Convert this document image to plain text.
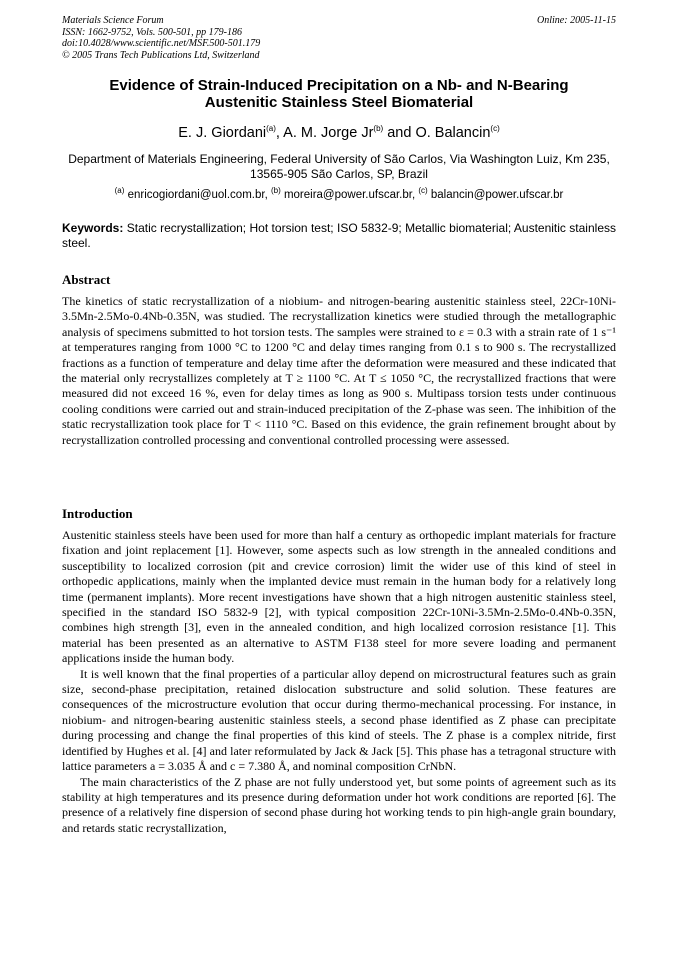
Materials Science Forum	Online: 2005-11-15
ISSN: 1662-9752, Vols. 500-501, pp 179-186
doi:10.4028/www.scientific.net/MSF.500-501.179
© 2005 Trans Tech Publications Ltd, Switzerland
Evidence of Strain-Induced Precipitation on a Nb- and N-Bearing
Austenitic Stainless Steel Biomaterial
E. J. Giordani$^{(a)}$, A. M. Jorge Jr$^{(b)}$ and O. Balancin$^{(c)}$
Department of Materials Engineering, Federal University of São Carlos, Via Washington Luiz, Km 235, 13565-905 São Carlos, SP, Brazil
$^{(a)}$ enricogiordani@uol.com.br, $^{(b)}$ moreira@power.ufscar.br, $^{(c)}$ balancin@power.ufscar.br
Keywords: Static recrystallization; Hot torsion test; ISO 5832-9; Metallic biomaterial; Austenitic stainless steel.
Abstract

The kinetics of static recrystallization of a niobium- and nitrogen-bearing austenitic stainless steel, 22Cr-10Ni-3.5Mn-2.5Mo-0.4Nb-0.35N, was studied. The recrystallization kinetics were studied through the metallographic analysis of specimens submitted to hot torsion tests. The samples were strained to ε = 0.3 with a strain rate of 1 s⁻¹ at temperatures ranging from 1000 °C to 1200 °C and delay times ranging from 0.1 s to 900 s. The recrystallized fractions as a function of temperature and delay time after the deformation were measured and these indicated that the material only recrystallizes completely at T ≥ 1100 °C. At T ≤ 1050 °C, the recrystallized fractions that were measured did not exceed 16 %, even for delay times as long as 900 s. Multipass torsion tests under continuous cooling conditions were carried out and strain-induced precipitation of the Z-phase was seen. The inhibition of the static recrystallization took place for T < 1110 °C. Based on this evidence, the grain refinement brought about by recrystallization controlled processing and conventional controlled processing were assessed.

Introduction

Austenitic stainless steels have been used for more than half a century as orthopedic implant materials for fracture fixation and joint replacement [1]. However, some aspects such as low strength in the annealed conditions and susceptibility to localized corrosion (pit and crevice corrosion) limit the wider use of this kind of steel in orthopedic applications, mainly when the implanted device must remain in the human body for a relatively long time (permanent implants). More recent investigations have shown that a high nitrogen austenitic stainless steel, specified in the standard ISO 5832-9 [2], with typical composition 22Cr-10Ni-3.5Mn-2.5Mo-0.4Nb-0.35N, combines high strength [3], even in the annealed condition, and high localized corrosion resistance [1]. This material has been presented as an alternative to ASTM F138 steel for more severe loading and permanent applications inside the human body.

It is well known that the final properties of a particular alloy depend on microstructural features such as grain size, second-phase precipitation, retained dislocation substructure and solid solution. These features are consequences of the microstructure evolution that occur during thermo-mechanical processing. For instance, in niobium- and nitrogen-bearing austenitic stainless steels, a second phase identified as Z phase can precipitate during processing and change the final properties of this kind of steels. The Z phase is a complex nitride, first identified by Hughes et al. [4] and later reformulated by Jack & Jack [5]. This phase has a tetragonal structure with lattice parameters a = 3.035 Å and c = 7.380 Å, and nominal composition CrNbN.

The main characteristics of the Z phase are not fully understood yet, but some points of agreement such as its stability at high temperatures and its presence during deformation under hot work conditions are reported [6]. The presence of a relatively fine dispersion of second phase during hot working tends to pin high-angle grain boundary, and retards static recrystallization,
